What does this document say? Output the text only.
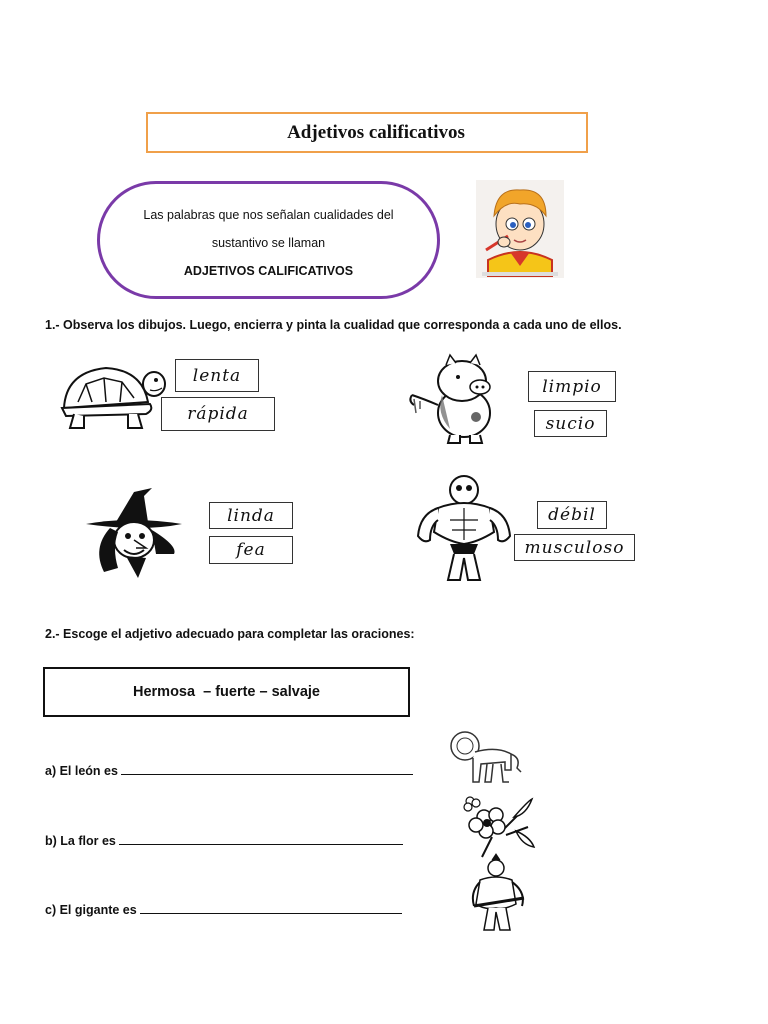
Adjetivos calificativos
Las palabras que nos señalan cualidades del
sustantivo se llaman
ADJETIVOS CALIFICATIVOS
1.- Observa los dibujos. Luego, encierra y pinta la cualidad que corresponda a cada uno de ellos.
lenta
rápida
limpio
sucio
linda
fea
débil
musculoso
2.- Escoge el adjetivo adecuado para completar las oraciones:
Hermosa  – fuerte – salvaje
a) El león es
b) La flor es
c) El gigante es
